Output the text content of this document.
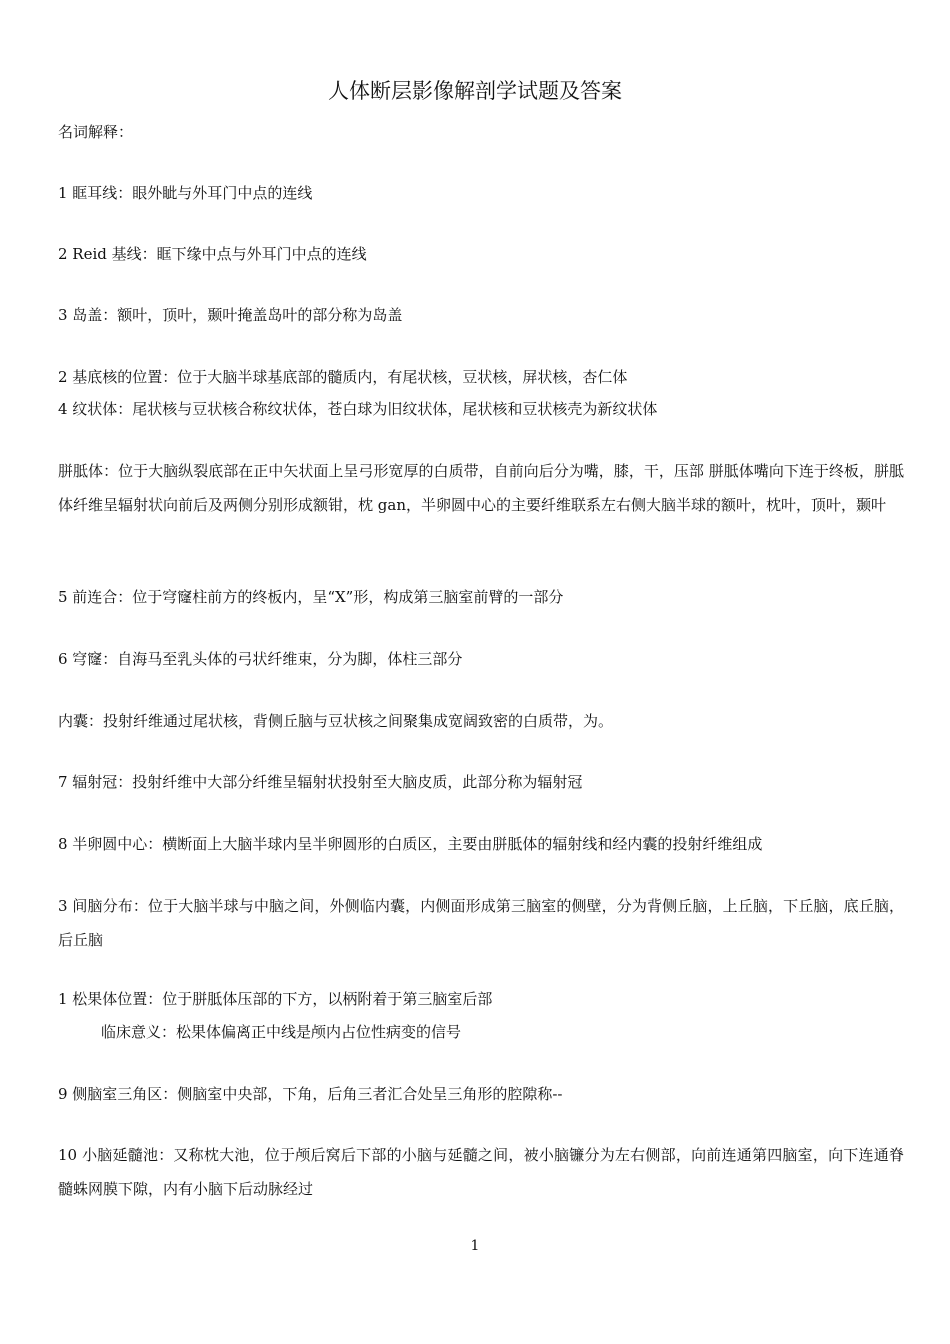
人体断层影像解剖学试题及答案
名词解释：
1 眶耳线：眼外眦与外耳门中点的连线
2 Reid 基线：眶下缘中点与外耳门中点的连线
3 岛盖：额叶，顶叶，颞叶掩盖岛叶的部分称为岛盖
2 基底核的位置：位于大脑半球基底部的髓质内，有尾状核，豆状核，屏状核，杏仁体
4 纹状体：尾状核与豆状核合称纹状体，苍白球为旧纹状体，尾状核和豆状核壳为新纹状体
胼胝体：位于大脑纵裂底部在正中矢状面上呈弓形宽厚的白质带，自前向后分为嘴，膝，干，压部 胼胝体嘴向下连于终板，胼胝体纤维呈辐射状向前后及两侧分别形成额钳，枕 gan，半卵圆中心的主要纤维联系左右侧大脑半球的额叶，枕叶，顶叶，颞叶
5 前连合：位于穹窿柱前方的终板内，呈“X”形，构成第三脑室前臂的一部分
6 穹窿：自海马至乳头体的弓状纤维束，分为脚，体柱三部分
内囊：投射纤维通过尾状核，背侧丘脑与豆状核之间聚集成宽阔致密的白质带，为。
7 辐射冠：投射纤维中大部分纤维呈辐射状投射至大脑皮质，此部分称为辐射冠
8 半卵圆中心：横断面上大脑半球内呈半卵圆形的白质区，主要由胼胝体的辐射线和经内囊的投射纤维组成
3 间脑分布：位于大脑半球与中脑之间，外侧临内囊，内侧面形成第三脑室的侧壁，分为背侧丘脑，上丘脑，下丘脑，底丘脑，后丘脑
1 松果体位置：位于胼胝体压部的下方，以柄附着于第三脑室后部
临床意义：松果体偏离正中线是颅内占位性病变的信号
9 侧脑室三角区：侧脑室中央部，下角，后角三者汇合处呈三角形的腔隙称--
10 小脑延髓池：又称枕大池，位于颅后窝后下部的小脑与延髓之间，被小脑镰分为左右侧部，向前连通第四脑室，向下连通脊髓蛛网膜下隙，内有小脑下后动脉经过
1
